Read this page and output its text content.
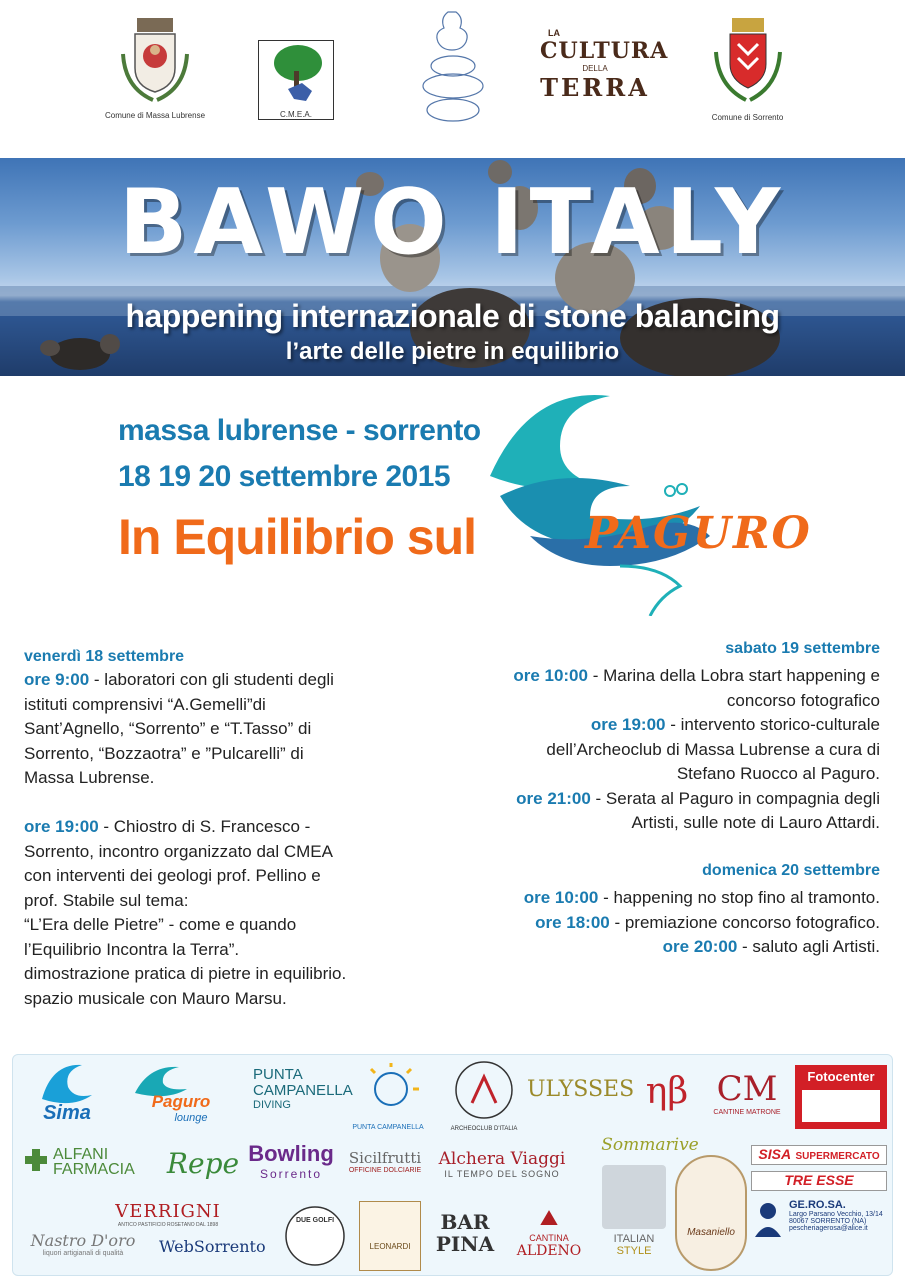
Comune di Massa Lubrense	C.M.E.A.
LA
CULTURA
DELLA
TERRA
Comune di Sorrento
BAWO ITALY
happening internazionale di stone balancing
l’arte delle pietre in equilibrio
massa lubrense - sorrento
18 19 20 settembre 2015
In Equilibrio sul PAGURO
venerdì 18 settembre

ore 9:00 - laboratori con gli studenti degli

istituti comprensivi “A.Gemelli”di

Sant’Agnello, “Sorrento” e “T.Tasso” di

Sorrento, “Bozzaotra” e ”Pulcarelli” di

Massa Lubrense.

ore 19:00 - Chiostro di S. Francesco -

Sorrento, incontro organizzato dal CMEA

con interventi dei geologi prof. Pellino e

prof. Stabile sul tema:

“L’Era delle Pietre” - come e quando

l’Equilibrio Incontra la Terra”.

dimostrazione pratica di pietre in equilibrio.

spazio musicale con Mauro Marsu.

sabato 19 settembre

ore 10:00 - Marina della Lobra start happening e

concorso fotografico

ore 19:00 - intervento storico-culturale

dell’Archeoclub di Massa Lubrense a cura di

Stefano Ruocco al Paguro.

ore 21:00 - Serata al Paguro in compagnia degli

Artisti, sulle note di Lauro Attardi.

domenica 20 settembre

ore 10:00 - happening no stop fino al tramonto.

ore 18:00 - premiazione concorso fotografico.

ore 20:00 - saluto agli Artisti.

Sima
Paguro
lounge
PUNTA
CAMPANELLA
DIVING
PUNTA CAMPANELLA	ARCHEOCLUB D'ITALIA
ULYSSES ηβ CM
CANTINE MATRONE
Fotocenter
ALFANI
FARMACIA	Repe Bowling
Sorrento
Sicilfrutti
OFFICINE DOLCIARIE
Alchera Viaggi
IL TEMPO DEL SOGNO
Sommarive	SISA SUPERMERCATO
TRE ESSE
Nastro D'oro
liquori artigianali di qualità
VERRIGNI
ANTICO PASTIFICIO ROSETANO DAL 1898
WebSorrento
DUE GOLFI
LEONARDI
BAR PINA
⛰
CANTINA
ALDENO
ITALIAN
STYLE
Masaniello
GE.RO.SA.
Largo Parsano Vecchio, 13/14
80067 SORRENTO (NA)
pescheriagerosa@alice.it
